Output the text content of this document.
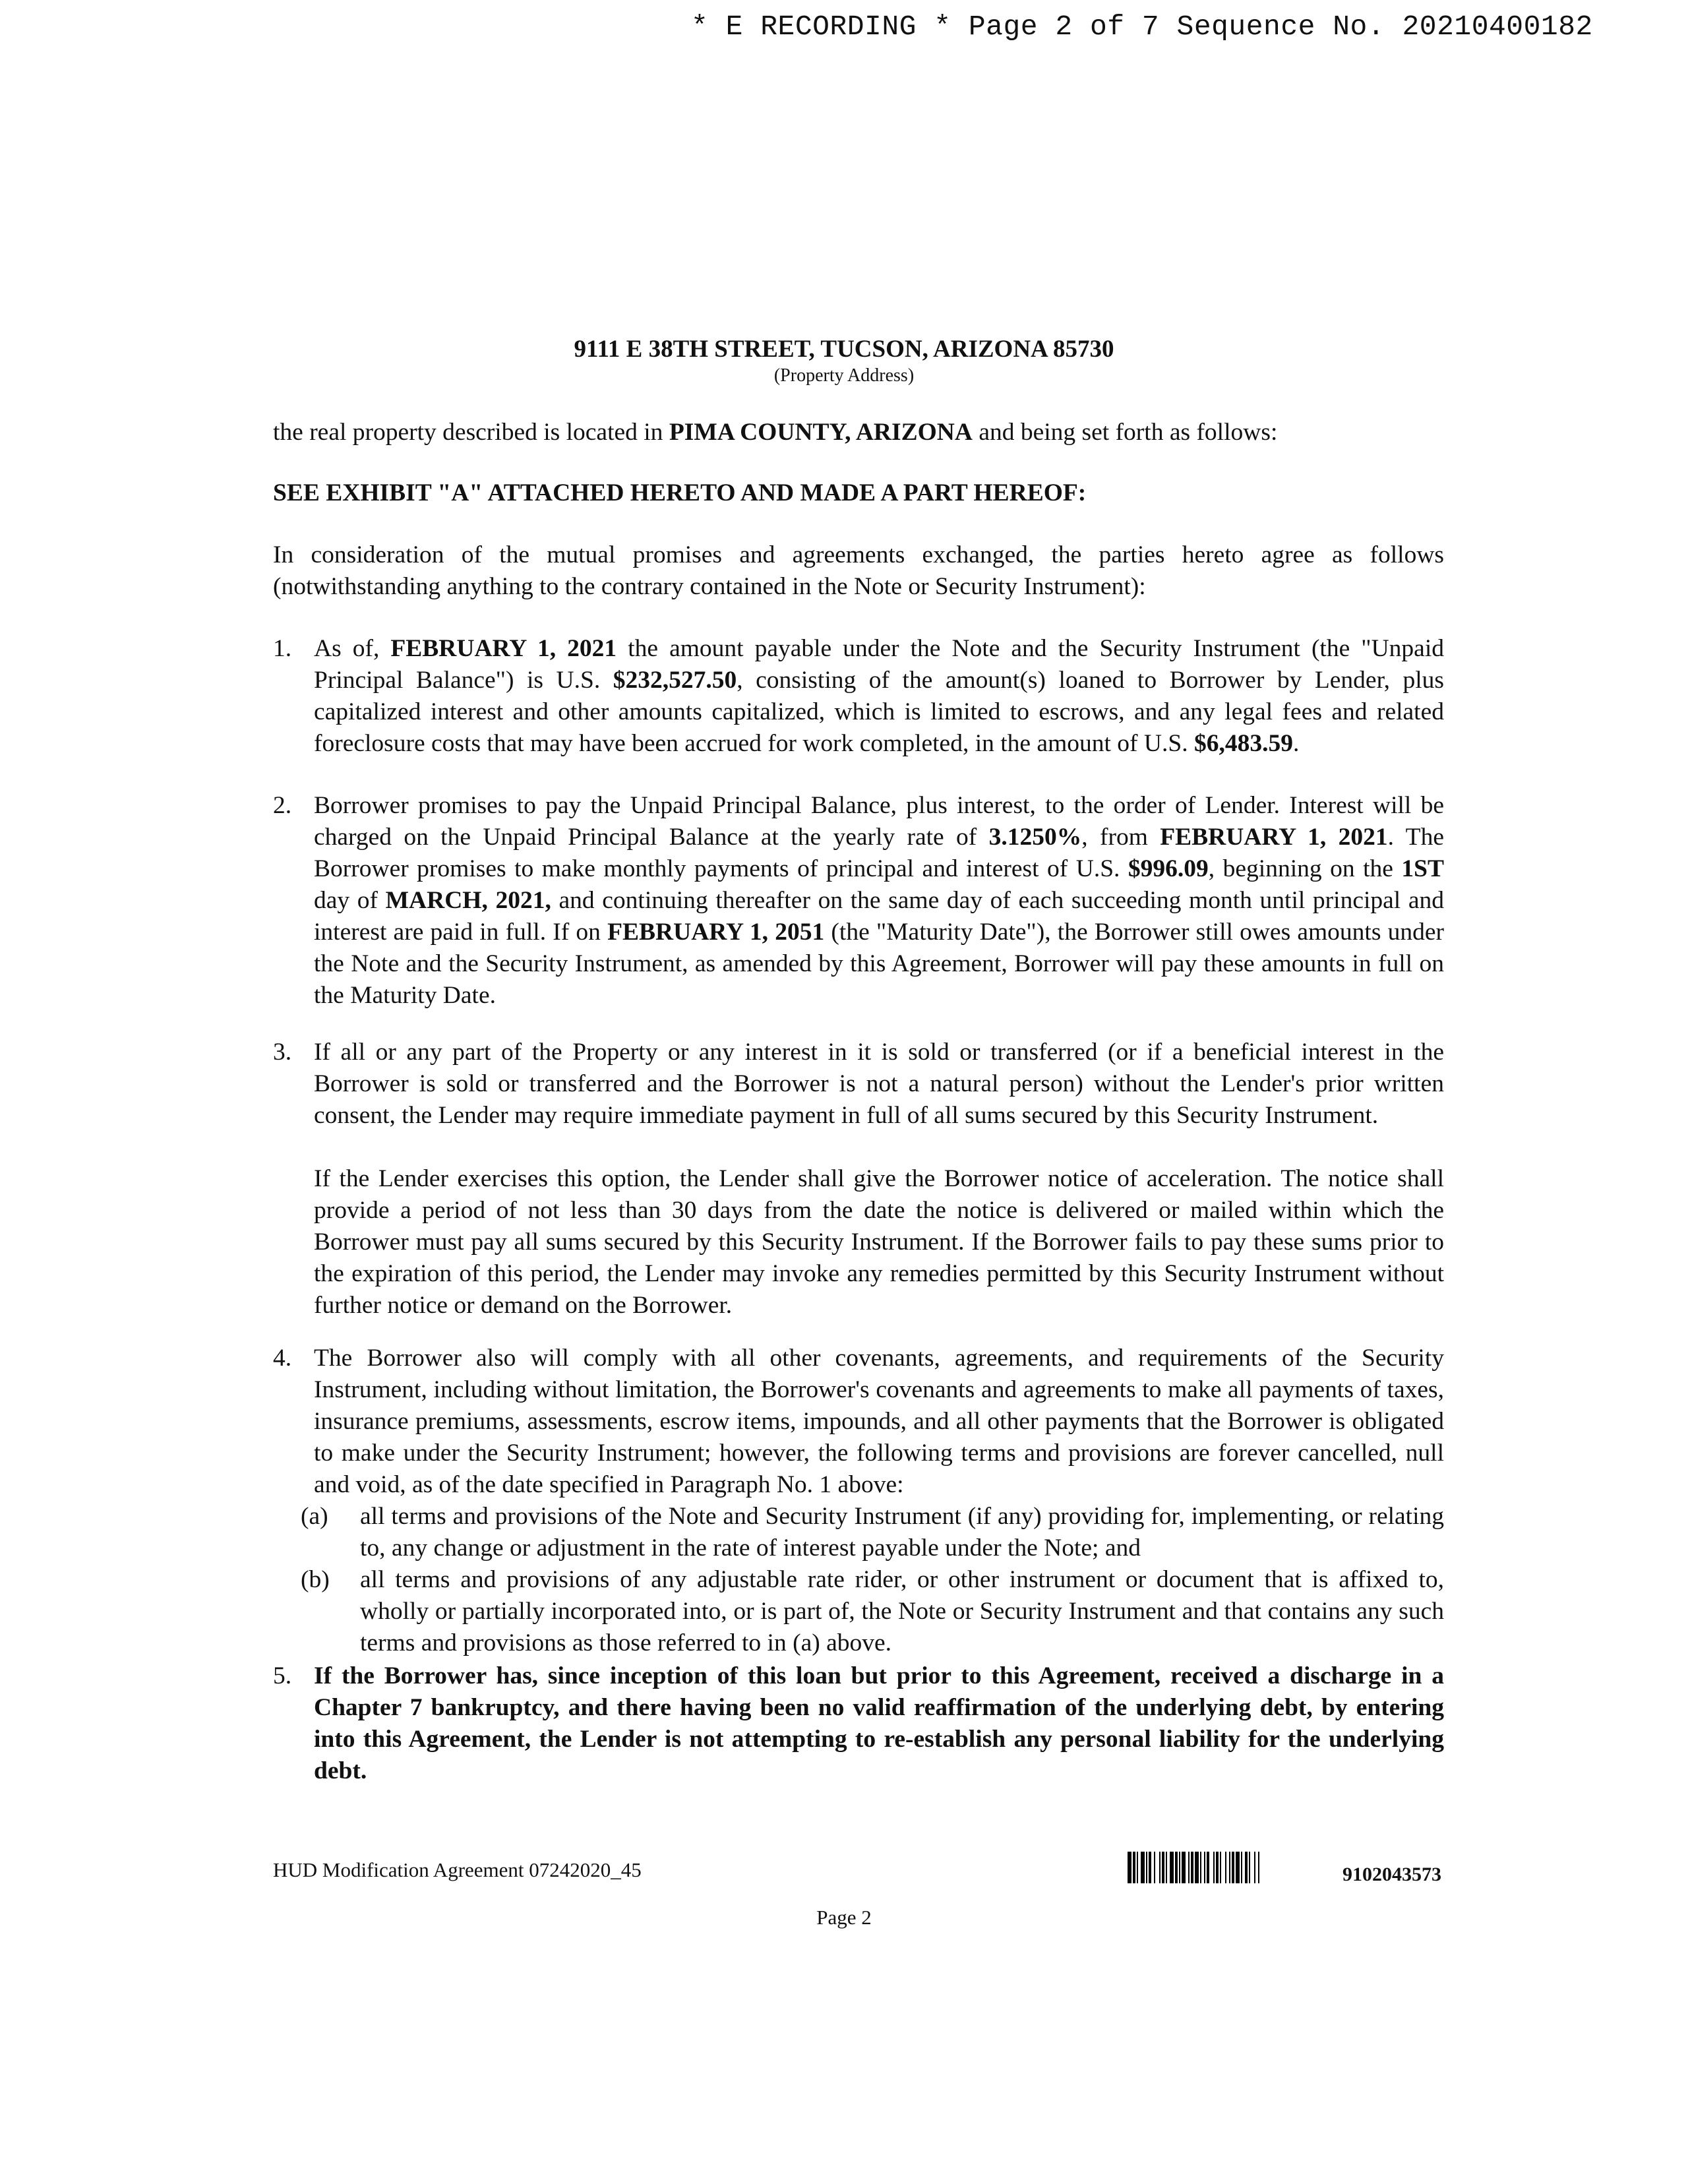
* E RECORDING * Page 2 of 7 Sequence No. 20210400182
9111 E 38TH STREET, TUCSON, ARIZONA 85730
(Property Address)
the real property described is located in PIMA COUNTY, ARIZONA and being set forth as follows:
SEE EXHIBIT "A" ATTACHED HERETO AND MADE A PART HEREOF:
In consideration of the mutual promises and agreements exchanged, the parties hereto agree as follows (notwithstanding anything to the contrary contained in the Note or Security Instrument):
1. As of, FEBRUARY 1, 2021 the amount payable under the Note and the Security Instrument (the "Unpaid Principal Balance") is U.S. $232,527.50, consisting of the amount(s) loaned to Borrower by Lender, plus capitalized interest and other amounts capitalized, which is limited to escrows, and any legal fees and related foreclosure costs that may have been accrued for work completed, in the amount of U.S. $6,483.59.

2. Borrower promises to pay the Unpaid Principal Balance, plus interest, to the order of Lender. Interest will be charged on the Unpaid Principal Balance at the yearly rate of 3.1250%, from FEBRUARY 1, 2021. The Borrower promises to make monthly payments of principal and interest of U.S. $996.09, beginning on the 1ST day of MARCH, 2021, and continuing thereafter on the same day of each succeeding month until principal and interest are paid in full. If on FEBRUARY 1, 2051 (the "Maturity Date"), the Borrower still owes amounts under the Note and the Security Instrument, as amended by this Agreement, Borrower will pay these amounts in full on the Maturity Date.

3. If all or any part of the Property or any interest in it is sold or transferred (or if a beneficial interest in the Borrower is sold or transferred and the Borrower is not a natural person) without the Lender's prior written consent, the Lender may require immediate payment in full of all sums secured by this Security Instrument.

If the Lender exercises this option, the Lender shall give the Borrower notice of acceleration. The notice shall provide a period of not less than 30 days from the date the notice is delivered or mailed within which the Borrower must pay all sums secured by this Security Instrument. If the Borrower fails to pay these sums prior to the expiration of this period, the Lender may invoke any remedies permitted by this Security Instrument without further notice or demand on the Borrower.

4. The Borrower also will comply with all other covenants, agreements, and requirements of the Security Instrument, including without limitation, the Borrower's covenants and agreements to make all payments of taxes, insurance premiums, assessments, escrow items, impounds, and all other payments that the Borrower is obligated to make under the Security Instrument; however, the following terms and provisions are forever cancelled, null and void, as of the date specified in Paragraph No. 1 above:

(a) all terms and provisions of the Note and Security Instrument (if any) providing for, implementing, or relating to, any change or adjustment in the rate of interest payable under the Note; and
(b) all terms and provisions of any adjustable rate rider, or other instrument or document that is affixed to, wholly or partially incorporated into, or is part of, the Note or Security Instrument and that contains any such terms and provisions as those referred to in (a) above.
5. If the Borrower has, since inception of this loan but prior to this Agreement, received a discharge in a Chapter 7 bankruptcy, and there having been no valid reaffirmation of the underlying debt, by entering into this Agreement, the Lender is not attempting to re-establish any personal liability for the underlying debt.

HUD Modification Agreement 07242020_45	9102043573
Page 2
